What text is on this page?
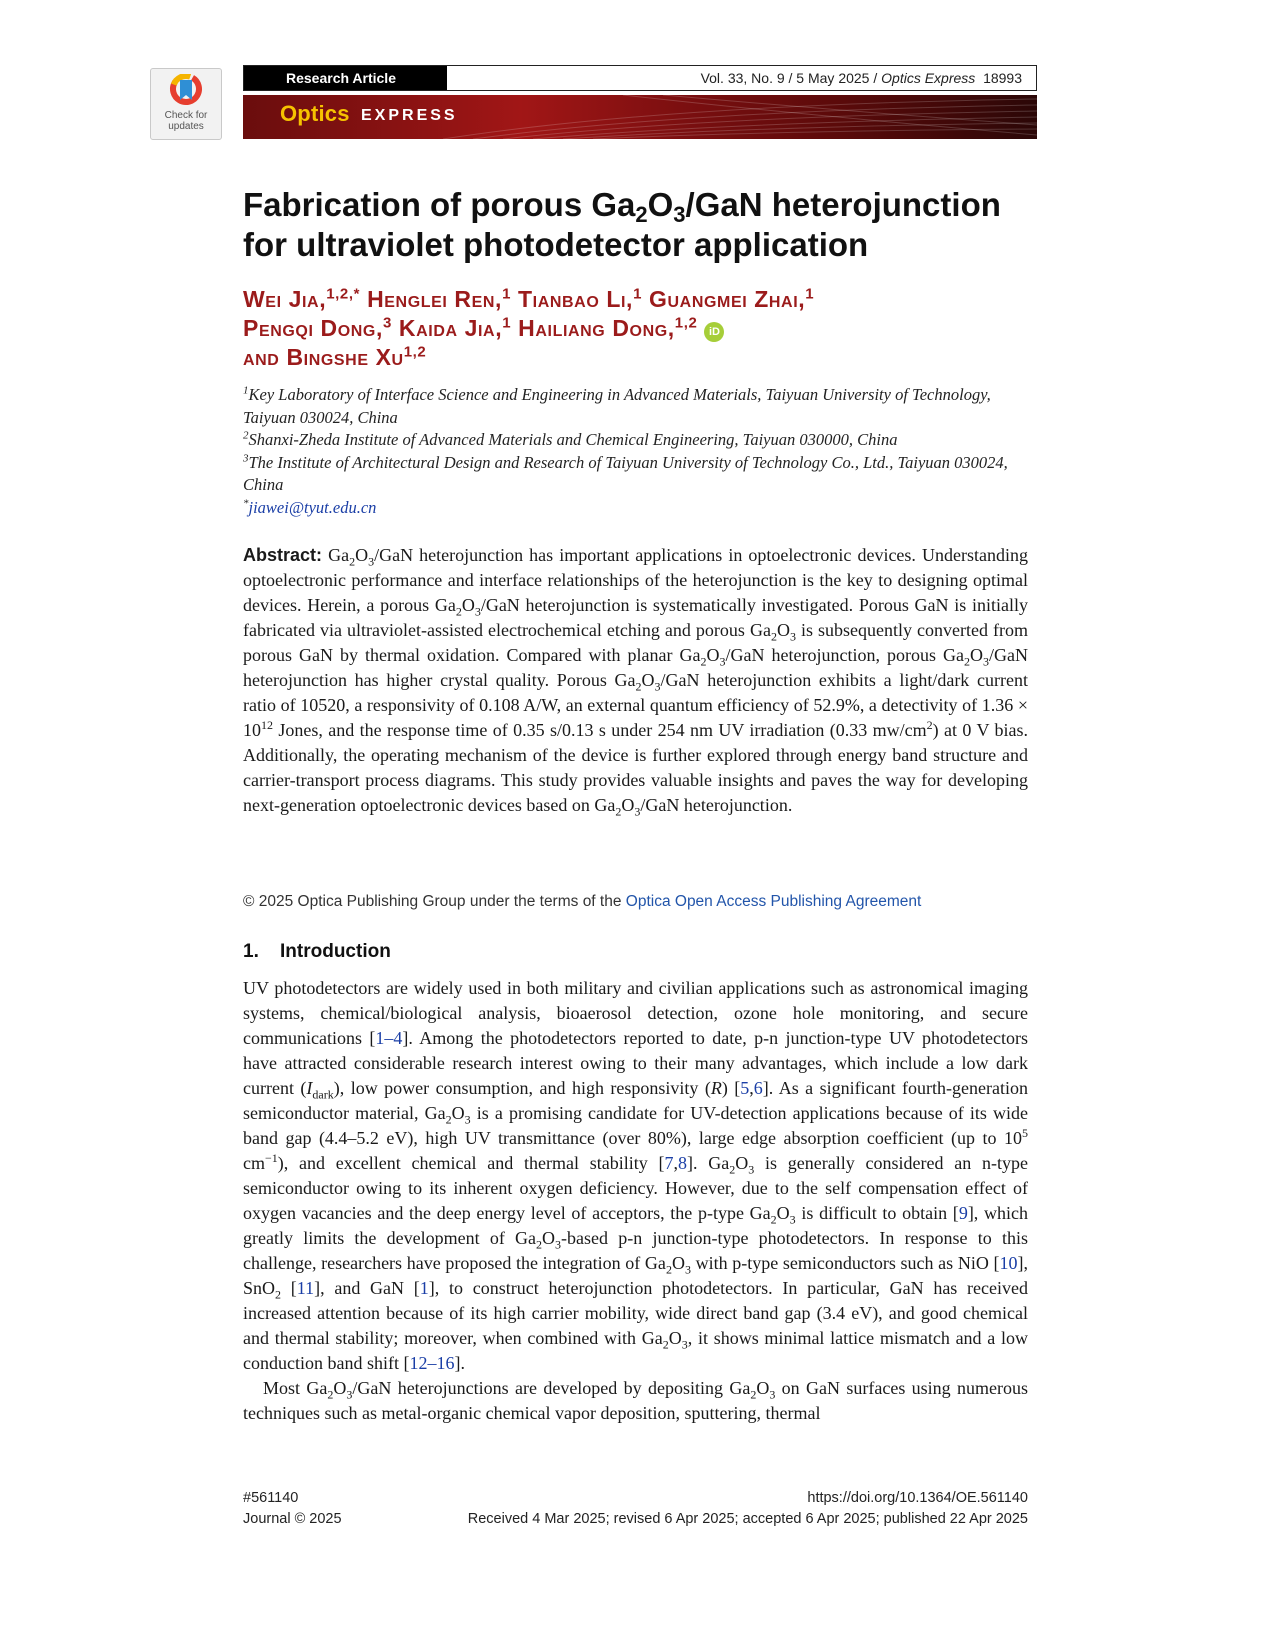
Check for
updates
Research Article	Vol. 33, No. 9 / 5 May 2025 / Optics Express 18993
Optics EXPRESS
Fabrication of porous $Ga_2O_3$/GaN heterojunction
for ultraviolet photodetector application
Wei Jia,$^{1,2,*}$ Henglei Ren,$^1$ Tianbao Li,$^1$ Guangmei Zhai,$^1$
Pengqi Dong,$^3$ Kaida Jia,$^1$ Hailiang Dong,$^{1,2}$ iD
and Bingshe Xu$^{1,2}$
$^1$Key Laboratory of Interface Science and Engineering in Advanced Materials, Taiyuan University of Technology, Taiyuan 030024, China
$^2$Shanxi-Zheda Institute of Advanced Materials and Chemical Engineering, Taiyuan 030000, China
$^3$The Institute of Architectural Design and Research of Taiyuan University of Technology Co., Ltd., Taiyuan 030024, China
*jiawei@tyut.edu.cn
Abstract: $Ga_2O_3$/GaN heterojunction has important applications in optoelectronic devices. Understanding optoelectronic performance and interface relationships of the heterojunction is the key to designing optimal devices. Herein, a porous $Ga_2O_3$/GaN heterojunction is systematically investigated. Porous GaN is initially fabricated via ultraviolet-assisted electrochemical etching and porous $Ga_2O_3$ is subsequently converted from porous GaN by thermal oxidation. Compared with planar $Ga_2O_3$/GaN heterojunction, porous $Ga_2O_3$/GaN heterojunction has higher crystal quality. Porous $Ga_2O_3$/GaN heterojunction exhibits a light/dark current ratio of 10520, a responsivity of 0.108 A/W, an external quantum efficiency of 52.9%, a detectivity of $1.36 \times 10^{12}$ Jones, and the response time of 0.35 s/0.13 s under 254 nm UV irradiation (0.33 $mw/cm^2$) at 0 V bias. Additionally, the operating mechanism of the device is further explored through energy band structure and carrier-transport process diagrams. This study provides valuable insights and paves the way for developing next-generation optoelectronic devices based on $Ga_2O_3$/GaN heterojunction.
© 2025 Optica Publishing Group under the terms of the Optica Open Access Publishing Agreement
1. Introduction

UV photodetectors are widely used in both military and civilian applications such as astronomical imaging systems, chemical/biological analysis, bioaerosol detection, ozone hole monitoring, and secure communications [1–4]. Among the photodetectors reported to date, p-n junction-type UV photodetectors have attracted considerable research interest owing to their many advantages, which include a low dark current $(I_{dark})$, low power consumption, and high responsivity (R) [5,6]. As a significant fourth-generation semiconductor material, $Ga_2O_3$ is a promising candidate for UV-detection applications because of its wide band gap (4.4–5.2 eV), high UV transmittance (over 80%), large edge absorption coefficient (up to $10^5$ $cm^{-1}$), and excellent chemical and thermal stability [7,8]. $Ga_2O_3$ is generally considered an n-type semiconductor owing to its inherent oxygen deficiency. However, due to the self compensation effect of oxygen vacancies and the deep energy level of acceptors, the p-type $Ga_2O_3$ is difficult to obtain [9], which greatly limits the development of $Ga_2O_3$-based p-n junction-type photodetectors. In response to this challenge, researchers have proposed the integration of $Ga_2O_3$ with p-type semiconductors such as NiO [10], SnO$_2$ [11], and GaN [1], to construct heterojunction photodetectors. In particular, GaN has received increased attention because of its high carrier mobility, wide direct band gap (3.4 eV), and good chemical and thermal stability; moreover, when combined with $Ga_2O_3$, it shows minimal lattice mismatch and a low conduction band shift [12–16].

Most $Ga_2O_3$/GaN heterojunctions are developed by depositing $Ga_2O_3$ on GaN surfaces using numerous techniques such as metal-organic chemical vapor deposition, sputtering, thermal

#561140	https://doi.org/10.1364/OE.561140
Journal © 2025	Received 4 Mar 2025; revised 6 Apr 2025; accepted 6 Apr 2025; published 22 Apr 2025
